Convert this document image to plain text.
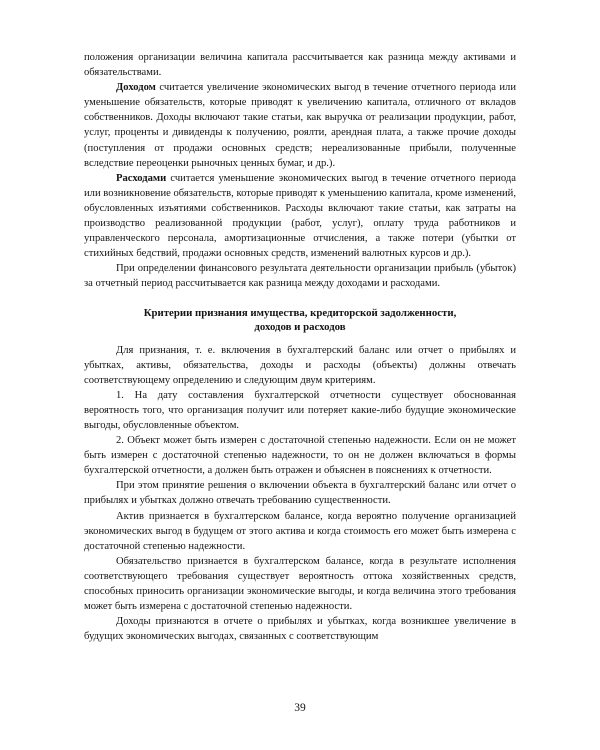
положения организации величина капитала рассчитывается как разница между активами и обязательствами.

Доходом считается увеличение экономических выгод в течение отчетного периода или уменьшение обязательств, которые приводят к увеличению капитала, отличного от вкладов собственников. Доходы включают такие статьи, как выручка от реализации продукции, работ, услуг, проценты и дивиденды к получению, роялти, арендная плата, а также прочие доходы (поступления от продажи основных средств; нереализованные прибыли, полученные вследствие переоценки рыночных ценных бумаг, и др.).

Расходами считается уменьшение экономических выгод в течение отчетного периода или возникновение обязательств, которые приводят к уменьшению капитала, кроме изменений, обусловленных изъятиями собственников. Расходы включают такие статьи, как затраты на производство реализованной продукции (работ, услуг), оплату труда работников и управленческого персонала, амортизационные отчисления, а также потери (убытки от стихийных бедствий, продажи основных средств, изменений валютных курсов и др.).

При определении финансового результата деятельности организации прибыль (убыток) за отчетный период рассчитывается как разница между доходами и расходами.

Критерии признания имущества, кредиторской задолженности,
доходов и расходов

Для признания, т. е. включения в бухгалтерский баланс или отчет о прибылях и убытках, активы, обязательства, доходы и расходы (объекты) должны отвечать соответствующему определению и следующим двум критериям.

1. На дату составления бухгалтерской отчетности существует обоснованная вероятность того, что организация получит или потеряет какие-либо будущие экономические выгоды, обусловленные объектом.

2. Объект может быть измерен с достаточной степенью надежности. Если он не может быть измерен с достаточной степенью надежности, то он не должен включаться в формы бухгалтерской отчетности, а должен быть отражен и объяснен в пояснениях к отчетности.

При этом принятие решения о включении объекта в бухгалтерский баланс или отчет о прибылях и убытках должно отвечать требованию существенности.

Актив признается в бухгалтерском балансе, когда вероятно получение организацией экономических выгод в будущем от этого актива и когда стоимость его может быть измерена с достаточной степенью надежности.

Обязательство признается в бухгалтерском балансе, когда в результате исполнения соответствующего требования существует вероятность оттока хозяйственных средств, способных приносить организации экономические выгоды, и когда величина этого требования может быть измерена с достаточной степенью надежности.

Доходы признаются в отчете о прибылях и убытках, когда возникшее увеличение в будущих экономических выгодах, связанных с соответствующим

39
